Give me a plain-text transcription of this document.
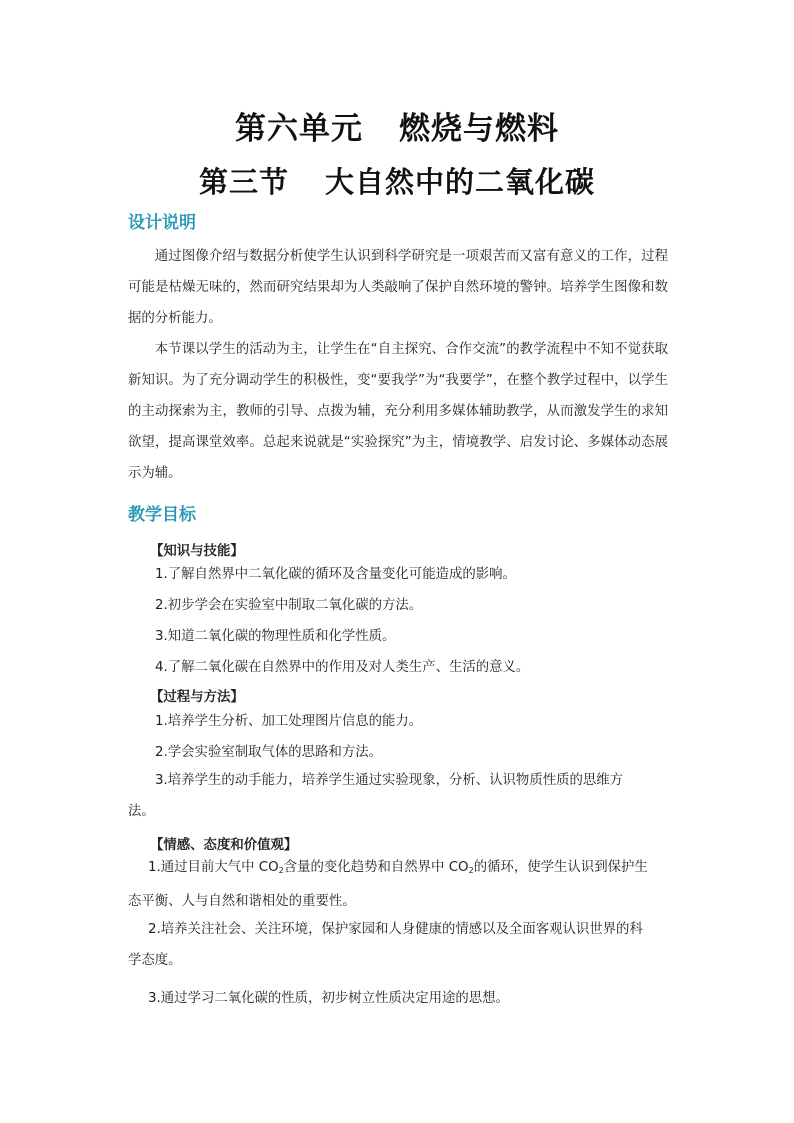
第六单元 燃烧与燃料
第三节 大自然中的二氧化碳
设计说明

通过图像介绍与数据分析使学生认识到科学研究是一项艰苦而又富有意义的工作，过程可能是枯燥无味的，然而研究结果却为人类敲响了保护自然环境的警钟。培养学生图像和数据的分析能力。

本节课以学生的活动为主，让学生在“自主探究、合作交流”的教学流程中不知不觉获取新知识。为了充分调动学生的积极性，变“要我学”为“我要学”，在整个教学过程中，以学生的主动探索为主，教师的引导、点拨为辅，充分利用多媒体辅助教学，从而激发学生的求知欲望，提高课堂效率。总起来说就是“实验探究”为主，情境教学、启发讨论、多媒体动态展示为辅。

教学目标

【知识与技能】

1.了解自然界中二氧化碳的循环及含量变化可能造成的影响。

2.初步学会在实验室中制取二氧化碳的方法。

3.知道二氧化碳的物理性质和化学性质。

4.了解二氧化碳在自然界中的作用及对人类生产、生活的意义。

【过程与方法】

1.培养学生分析、加工处理图片信息的能力。

2.学会实验室制取气体的思路和方法。

3.培养学生的动手能力，培养学生通过实验现象，分析、认识物质性质的思维方法。

【情感、态度和价值观】

1.通过目前大气中 CO2含量的变化趋势和自然界中 CO2的循环，使学生认识到保护生态平衡、人与自然和谐相处的重要性。

2.培养关注社会、关注环境，保护家园和人身健康的情感以及全面客观认识世界的科学态度。

3.通过学习二氧化碳的性质，初步树立性质决定用途的思想。
